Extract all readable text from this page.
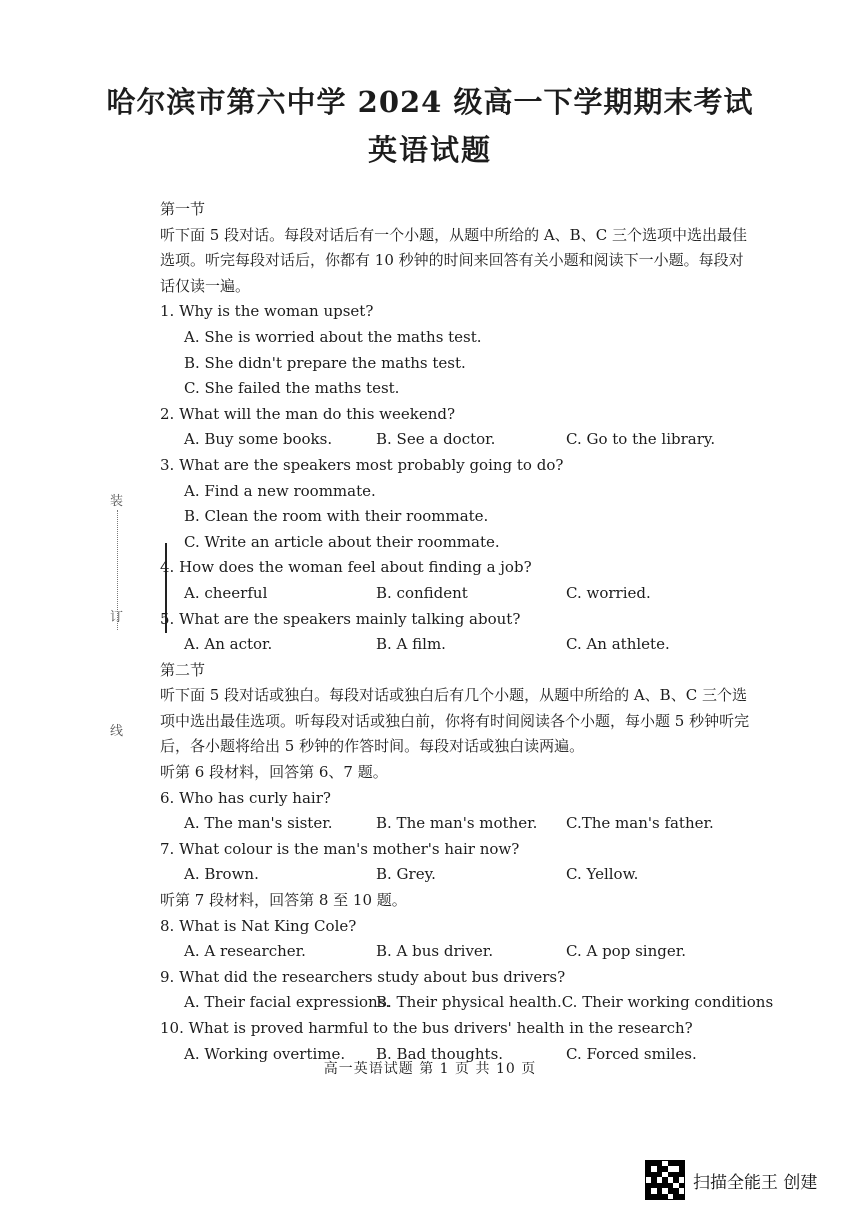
哈尔滨市第六中学 2024 级高一下学期期末考试
英语试题
装
订
线
第一节
听下面 5 段对话。每段对话后有一个小题，从题中所给的 A、B、C 三个选项中选出最佳选项。听完每段对话后，你都有 10 秒钟的时间来回答有关小题和阅读下一小题。每段对话仅读一遍。
1. Why is the woman upset?
A. She is worried about the maths test.
B. She didn't prepare the maths test.
C. She failed the maths test.
2. What will the man do this weekend?
A. Buy some books.	B. See a doctor.	C. Go to the library.
3. What are the speakers most probably going to do?
A. Find a new roommate.
B. Clean the room with their roommate.
C. Write an article about their roommate.
4. How does the woman feel about finding a job?
A. cheerful	B. confident	C. worried.
5. What are the speakers mainly talking about?
A. An actor.	B. A film.	C. An athlete.
第二节
听下面 5 段对话或独白。每段对话或独白后有几个小题，从题中所给的 A、B、C 三个选项中选出最佳选项。听每段对话或独白前，你将有时间阅读各个小题，每小题 5 秒钟听完后，各小题将给出 5 秒钟的作答时间。每段对话或独白读两遍。
听第 6 段材料，回答第 6、7 题。
6. Who has curly hair?
A. The man's sister.	B. The man's mother.	C.The man's father.
7. What colour is the man's mother's hair now?
A. Brown.	B. Grey.	C. Yellow.
听第 7 段材料，回答第 8 至 10 题。
8. What is Nat King Cole?
A. A researcher.	B. A bus driver.	C. A pop singer.
9. What did the researchers study about bus drivers?
A. Their facial expressions.
B. Their physical health. C. Their working conditions
10. What is proved harmful to the bus drivers' health in the research?
A. Working overtime.	B. Bad thoughts.	C. Forced smiles.
高一英语试题 第 1 页 共 10 页
扫描全能王 创建
